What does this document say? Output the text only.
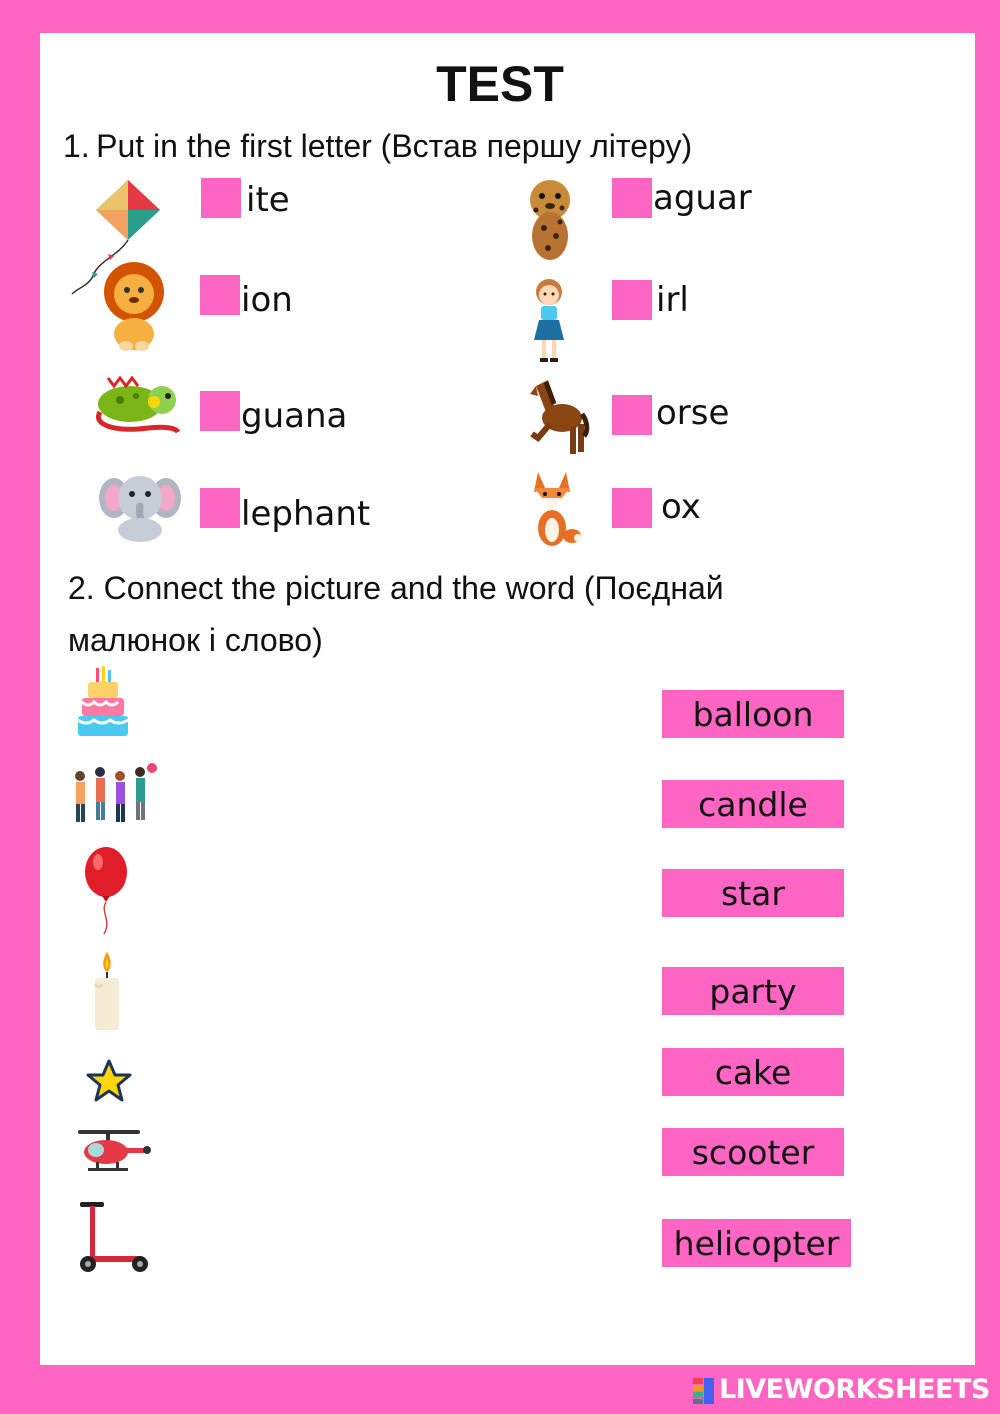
TEST
1. Put in the first letter (Встав першу літеру)
ite
ion
guana
lephant
aguar
irl
orse
ox
2. Connect the picture and the word (Поєднай
малюнок і слово)
balloon
candle
star
party
cake
scooter
helicopter
LIVEWORKSHEETS
